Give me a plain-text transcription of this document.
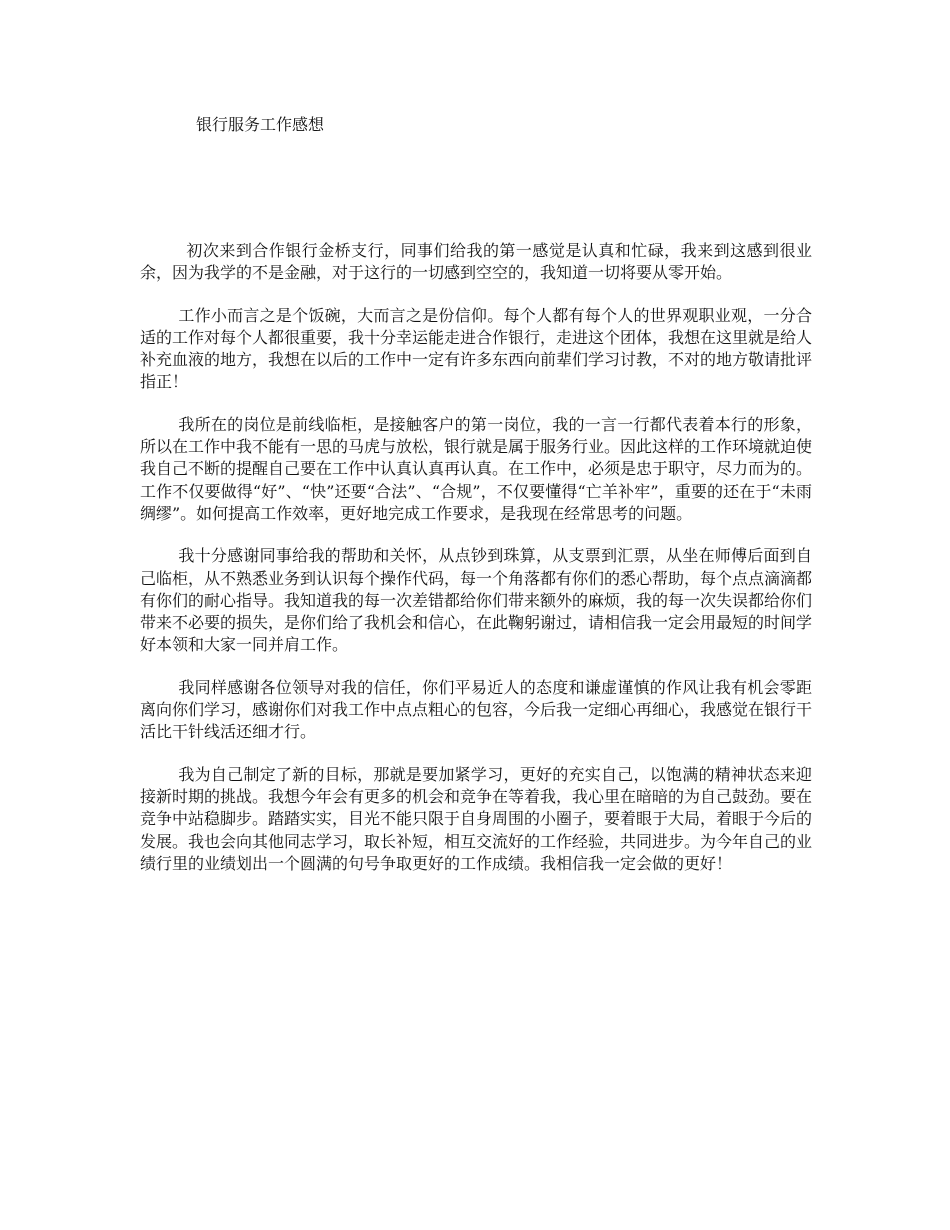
银行服务工作感想

初次来到合作银行金桥支行，同事们给我的第一感觉是认真和忙碌，我来到这感到很业余，因为我学的不是金融，对于这行的一切感到空空的，我知道一切将要从零开始。

工作小而言之是个饭碗，大而言之是份信仰。每个人都有每个人的世界观职业观，一分合适的工作对每个人都很重要，我十分幸运能走进合作银行，走进这个团体，我想在这里就是给人补充血液的地方，我想在以后的工作中一定有许多东西向前辈们学习讨教，不对的地方敬请批评指正！

我所在的岗位是前线临柜，是接触客户的第一岗位，我的一言一行都代表着本行的形象，所以在工作中我不能有一思的马虎与放松，银行就是属于服务行业。因此这样的工作环境就迫使我自己不断的提醒自己要在工作中认真认真再认真。在工作中，必须是忠于职守，尽力而为的。工作不仅要做得“好”、“快”还要“合法”、“合规”，不仅要懂得“亡羊补牢”，重要的还在于“未雨绸缪”。如何提高工作效率，更好地完成工作要求，是我现在经常思考的问题。

我十分感谢同事给我的帮助和关怀，从点钞到珠算，从支票到汇票，从坐在师傅后面到自己临柜，从不熟悉业务到认识每个操作代码，每一个角落都有你们的悉心帮助，每个点点滴滴都有你们的耐心指导。我知道我的每一次差错都给你们带来额外的麻烦，我的每一次失误都给你们带来不必要的损失，是你们给了我机会和信心，在此鞠躬谢过，请相信我一定会用最短的时间学好本领和大家一同并肩工作。

我同样感谢各位领导对我的信任，你们平易近人的态度和谦虚谨慎的作风让我有机会零距离向你们学习，感谢你们对我工作中点点粗心的包容，今后我一定细心再细心，我感觉在银行干活比干针线活还细才行。

我为自己制定了新的目标，那就是要加紧学习，更好的充实自己，以饱满的精神状态来迎接新时期的挑战。我想今年会有更多的机会和竞争在等着我，我心里在暗暗的为自己鼓劲。要在竞争中站稳脚步。踏踏实实，目光不能只限于自身周围的小圈子，要着眼于大局，着眼于今后的发展。我也会向其他同志学习，取长补短，相互交流好的工作经验，共同进步。为今年自己的业绩行里的业绩划出一个圆满的句号争取更好的工作成绩。我相信我一定会做的更好！
